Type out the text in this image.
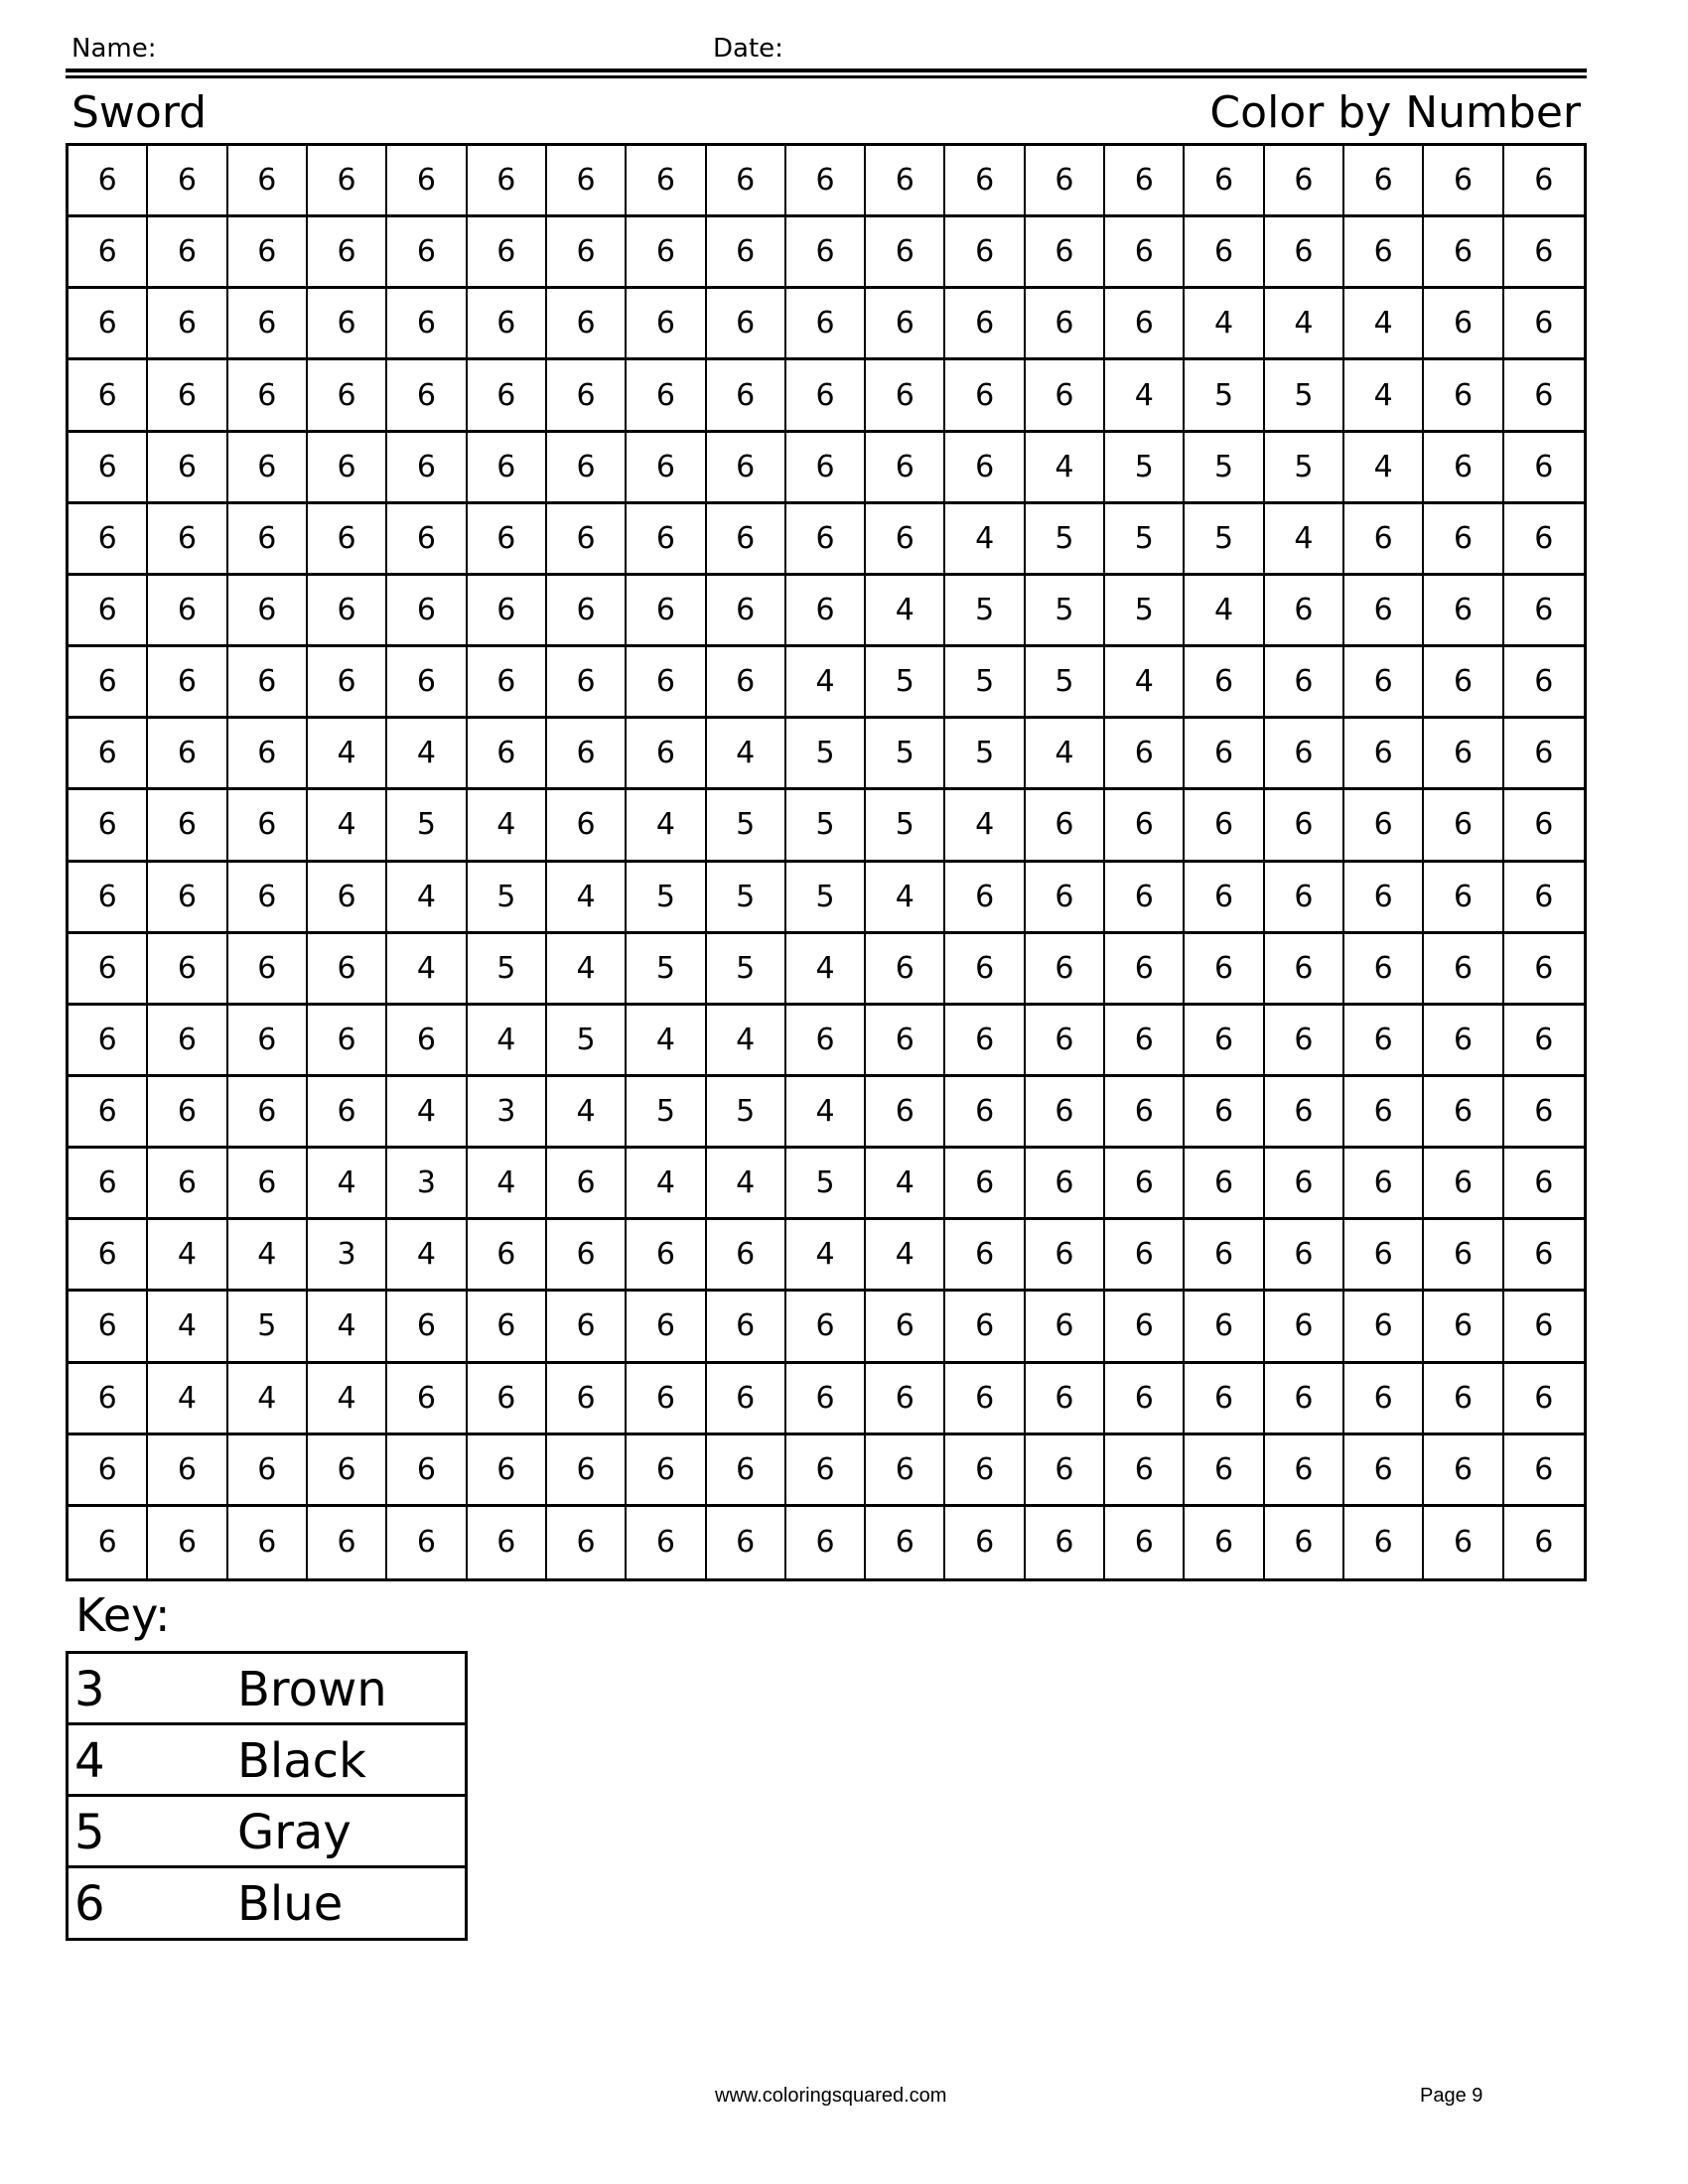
Name:	Date:
Sword	Color by Number
6	6	6	6	6	6	6	6	6	6	6	6	6	6	6	6	6	6	6
6	6	6	6	6	6	6	6	6	6	6	6	6	6	6	6	6	6	6
6	6	6	6	6	6	6	6	6	6	6	6	6	6	4	4	4	6	6
6	6	6	6	6	6	6	6	6	6	6	6	6	4	5	5	4	6	6
6	6	6	6	6	6	6	6	6	6	6	6	4	5	5	5	4	6	6
6	6	6	6	6	6	6	6	6	6	6	4	5	5	5	4	6	6	6
6	6	6	6	6	6	6	6	6	6	4	5	5	5	4	6	6	6	6
6	6	6	6	6	6	6	6	6	4	5	5	5	4	6	6	6	6	6
6	6	6	4	4	6	6	6	4	5	5	5	4	6	6	6	6	6	6
6	6	6	4	5	4	6	4	5	5	5	4	6	6	6	6	6	6	6
6	6	6	6	4	5	4	5	5	5	4	6	6	6	6	6	6	6	6
6	6	6	6	4	5	4	5	5	4	6	6	6	6	6	6	6	6	6
6	6	6	6	6	4	5	4	4	6	6	6	6	6	6	6	6	6	6
6	6	6	6	4	3	4	5	5	4	6	6	6	6	6	6	6	6	6
6	6	6	4	3	4	6	4	4	5	4	6	6	6	6	6	6	6	6
6	4	4	3	4	6	6	6	6	4	4	6	6	6	6	6	6	6	6
6	4	5	4	6	6	6	6	6	6	6	6	6	6	6	6	6	6	6
6	4	4	4	6	6	6	6	6	6	6	6	6	6	6	6	6	6	6
6	6	6	6	6	6	6	6	6	6	6	6	6	6	6	6	6	6	6
6	6	6	6	6	6	6	6	6	6	6	6	6	6	6	6	6	6	6
Key:
3	Brown
4	Black
5	Gray
6	Blue
www.coloringsquared.com	Page 9
